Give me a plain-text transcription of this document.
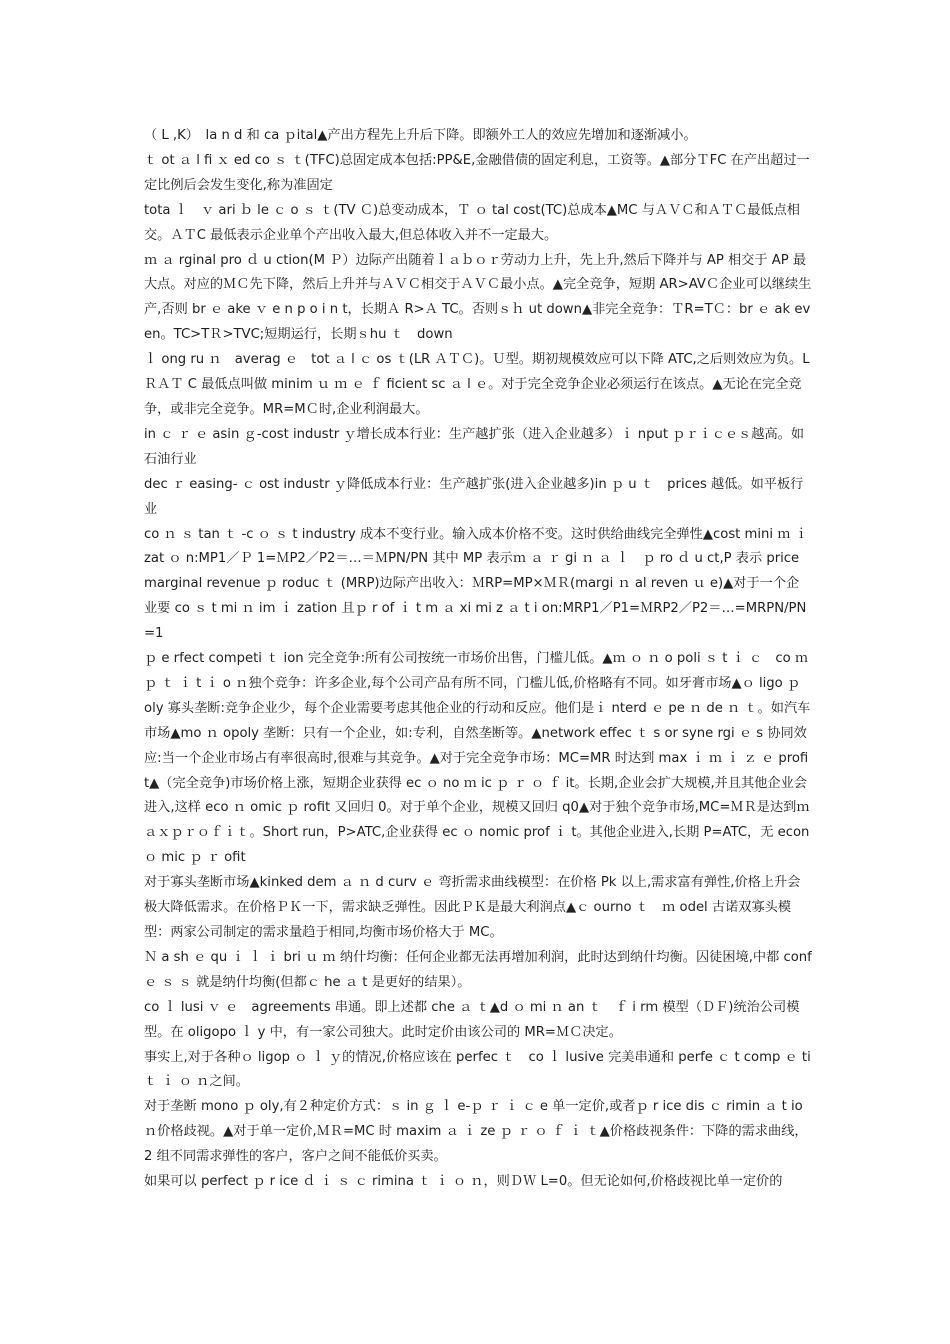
（ L ,K）　la n d 和 ca ｐital▲产出方程先上升后下降。即额外工人的效应先增加和逐渐减小。

ｔ ot ａ l fi ｘ ed co ｓ ｔ(TFC)总固定成本包括:PP&E,金融借债的固定利息，工资等。▲部分ＴFC 在产出超过一定比例后会发生变化,称为准固定

tota ｌ　ｖ ari ｂ le ｃ o ｓ ｔ(TV Ｃ)总变动成本，Ｔ ｏ tal cost(TC)总成本▲MC 与ＡＶＣ和ＡＴＣ最低点相交。ＡＴC 最低表示企业单个产出收入最大,但总体收入并不一定最大。

ｍ ａ rginal pro ｄ u ction(M Ｐ）边际产出随着ｌａｂｏｒ劳动力上升，先上升,然后下降并与 AP 相交于 AP 最大点。对应的ＭＣ先下降，然后上升并与ＡＶＣ相交于ＡＶＣ最小点。▲完全竞争，短期 AR>AVＣ企业可以继续生产,否则 br ｅ ake ｖ e n p o i n t，长期Ａ R>Ａ TC。否则ｓｈ ut down▲非完全竞争：ＴR=TＣ：br ｅ ak even。TC>TＲ>TVC;短期运行，长期ｓhu ｔ　down

ｌ ong ru ｎ　averag ｅ　tot ａ l ｃ os ｔ(LR ＡＴＣ)。Ｕ型。期初规模效应可以下降 ATC,之后则效应为负。L ＲＡＴ C 最低点叫做 minim ｕ ｍ ｅ ｆ ficient sc ａ l ｅ。对于完全竞争企业必须运行在该点。▲无论在完全竞争，或非完全竞争。MR=MＣ时,企业利润最大。

in ｃ ｒ ｅ asin ｇ-cost industr ｙ增长成本行业：生产越扩张（进入企业越多）ｉ nput ｐｒｉｃｅｓ越高。如石油行业

dec ｒ easing- ｃ ost industr ｙ降低成本行业：生产越扩张(进入企业越多)in ｐ u ｔ　prices 越低。如平板行业

co ｎ ｓ tan ｔ -c ｏ ｓ t industry 成本不变行业。输入成本价格不变。这时供给曲线完全弹性▲cost mini ｍ ｉ zat ｏ n:MP1／Ｐ 1=ＭP2／P2＝…＝ＭPN/PN 其中 MP 表示ｍ ａ ｒ gi ｎ ａ ｌ　ｐ ro ｄ u ct,P 表示 price

marginal revenue ｐ roduc ｔ (MRP)边际产出收入：ＭRP=MP×ＭＲ(margi ｎ al reven ｕ e)▲对于一个企业要 co ｓ t mi ｎ im ｉ zation 且ｐ r of ｉ t m ａ xi mi z ａ t i on:MRP1／P1=ＭRP2／P2＝…=MRPN/PN=1

ｐ e rfect competi ｔ ion 完全竞争:所有公司按统一市场价出售，门槛儿低。▲ｍ ｏ ｎ o poli ｓ t ｉ ｃ　co ｍ ｐ ｔ ｉ t ｉ o ｎ独个竞争：许多企业,每个公司产品有所不同，门槛儿低,价格略有不同。如牙膏市场▲ｏ ligo ｐ oly 寡头垄断:竞争企业少，每个企业需要考虑其他企业的行动和反应。他们是ｉ nterd ｅ pe ｎ de ｎ ｔ。如汽车市场▲mo ｎ opoly 垄断：只有一个企业，如:专利，自然垄断等。▲network effec ｔ s or syne rgi ｅ s 协同效应:当一个企业市场占有率很高时,很难与其竞争。▲对于完全竞争市场：MC=MR 时达到 max ｉ ｍ ｉ ｚ ｅ profit▲（完全竞争)市场价格上涨，短期企业获得 ec ｏ no ｍ ic ｐ ｒ ｏ ｆ it。长期,企业会扩大规模,并且其他企业会进入,这样 eco ｎ omic ｐ rofit 又回归 0。对于单个企业，规模又回归 q0▲对于独个竞争市场,MC=ＭＲ是达到ｍａｘｐｒｏｆｉｔ。Short run，P>ATC,企业获得 ec ｏ nomic prof ｉ t。其他企业进入,长期 P=ATC，无 econ ｏ mic ｐ ｒ ofit

对于寡头垄断市场▲kinked dem ａ ｎ d curv ｅ 弯折需求曲线模型：在价格 Pk 以上,需求富有弹性,价格上升会极大降低需求。在价格ＰＫ一下，需求缺乏弹性。因此ＰＫ是最大利润点▲ｃ ourno ｔ　ｍ odel 古诺双寡头模型：两家公司制定的需求量趋于相同,均衡市场价格大于 MC。

Ｎ a sh ｅ qu ｉ ｌ ｉ bri ｕ ｍ 纳什均衡：任何企业都无法再增加利润，此时达到纳什均衡。囚徒困境,中都 conf ｅ ｓ ｓ 就是纳什均衡(但都ｃ he ａ t 是更好的结果）。

co ｌ lusi ｖ ｅ　agreements 串通。即上述都 che ａ ｔ▲d ｏ mi ｎ an ｔ　ｆ i rm 模型（ＤＦ)统治公司模型。在 oligopo ｌ y 中，有一家公司独大。此时定价由该公司的 MR=ＭＣ决定。

事实上,对于各种ｏ ligop ｏ ｌ ｙ的情况,价格应该在 perfec ｔ　co ｌ lusive 完美串通和 perfe ｃ t comp ｅ ti ｔ ｉ ｏ ｎ之间。

对于垄断 mono ｐ oly,有２种定价方式：ｓ in ｇ ｌ e-ｐ ｒ ｉ ｃ e 单一定价,或者ｐ r ice dis ｃ rimin ａ t io ｎ价格歧视。▲对于单一定价,ＭＲ=MC 时 maxim ａ ｉ ze ｐ ｒ ｏ ｆ ｉ ｔ▲价格歧视条件：下降的需求曲线，2 组不同需求弹性的客户，客户之间不能低价买卖。

如果可以 perfect ｐ r ice ｄ ｉ ｓ ｃ rimina ｔ ｉ ｏ ｎ，则ＤＷ L=0。但无论如何,价格歧视比单一定价的
